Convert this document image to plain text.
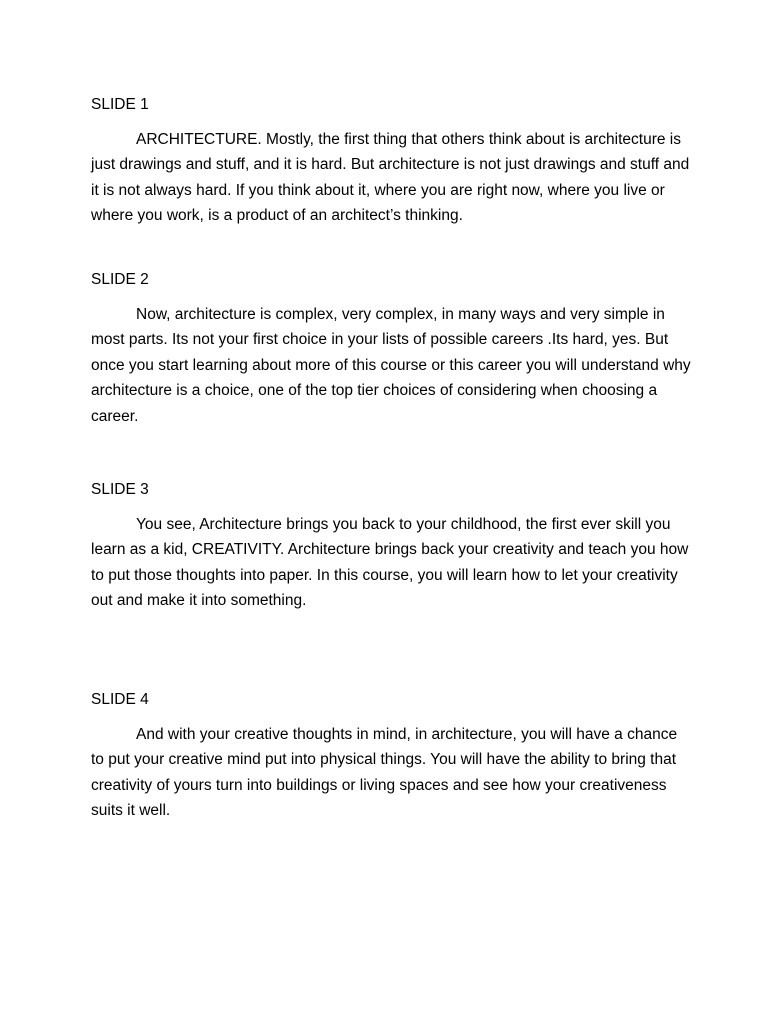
SLIDE 1

ARCHITECTURE. Mostly, the first thing that others think about is architecture is just drawings and stuff, and it is hard. But architecture is not just drawings and stuff and it is not always hard. If you think about it, where you are right now, where you live or where you work, is a product of an architect’s thinking.

SLIDE 2

Now, architecture is complex, very complex, in many ways and very simple in most parts. Its not your first choice in your lists of possible careers .Its hard, yes. But once you start learning about more of this course or this career you will understand why architecture is a choice, one of the top tier choices of considering when choosing a career.

SLIDE 3

You see, Architecture brings you back to your childhood, the first ever skill you learn as a kid, CREATIVITY. Architecture brings back your creativity and teach you how to put those thoughts into paper. In this course, you will learn how to let your creativity out and make it into something.

SLIDE 4

And with your creative thoughts in mind, in architecture, you will have a chance to put your creative mind put into physical things. You will have the ability to bring that creativity of yours turn into buildings or living spaces and see how your creativeness suits it well.
